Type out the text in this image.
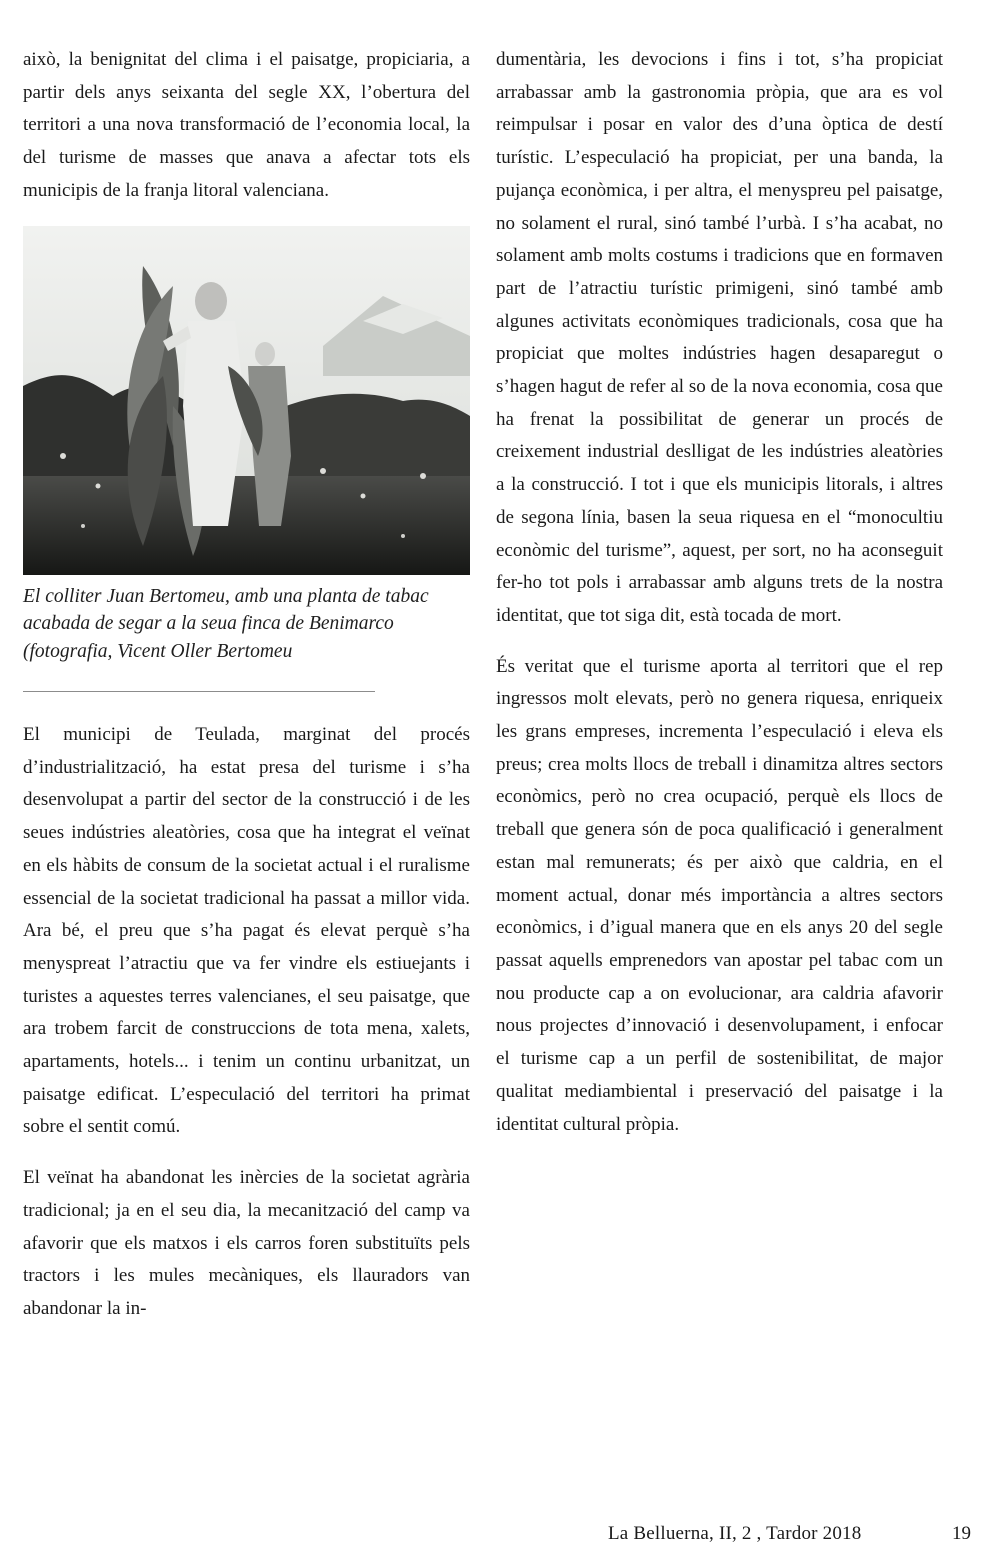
això, la benignitat del clima i el paisatge, propiciaria, a partir dels anys seixanta del segle XX, l’obertura del territori a una nova transformació de l’economia local, la del turisme de masses que anava a afectar tots els municipis de la franja litoral valenciana.

El colliter Juan Bertomeu, amb una planta de tabac acabada de segar a la seua finca de Benimarco (fotografia, Vicent Oller Bertomeu

El municipi de Teulada, marginat del procés d’industrialització, ha estat presa del turisme i s’ha desenvolupat a partir del sector de la construcció i de les seues indústries aleatòries, cosa que ha integrat el veïnat en els hàbits de consum de la societat actual i el ruralisme essencial de la societat tradicional ha passat a millor vida. Ara bé, el preu que s’ha pagat és elevat perquè s’ha menyspreat l’atractiu que va fer vindre els estiuejants i turistes a aquestes terres valencianes, el seu paisatge, que ara trobem farcit de construccions de tota mena, xalets, apartaments, hotels... i tenim un continu urbanitzat, un paisatge edificat. L’especulació del territori ha primat sobre el sentit comú.

El veïnat ha abandonat les inèrcies de la societat agrària tradicional; ja en el seu dia, la mecanització del camp va afavorir que els matxos i els carros foren substituïts pels tractors i les mules mecàniques, els llauradors van abandonar la in-

dumentària, les devocions i fins i tot, s’ha propiciat arrabassar amb la gastronomia pròpia, que ara es vol reimpulsar i posar en valor des d’una òptica de destí turístic. L’especulació ha propiciat, per una banda, la pujança econòmica, i per altra, el menyspreu pel paisatge, no solament el rural, sinó també l’urbà. I s’ha acabat, no solament amb molts costums i tradicions que en formaven part de l’atractiu turístic primigeni, sinó també amb algunes activitats econòmiques tradicionals, cosa que ha propiciat que moltes indústries hagen desaparegut o s’hagen hagut de refer al so de la nova economia, cosa que ha frenat la possibilitat de generar un procés de creixement industrial deslligat de les indústries aleatòries a la construcció. I tot i que els municipis litorals, i altres de segona línia, basen la seua riquesa en el “monocultiu econòmic del turisme”, aquest, per sort, no ha aconseguit fer-ho tot pols i arrabassar amb alguns trets de la nostra identitat, que tot siga dit, està tocada de mort.

És veritat que el turisme aporta al territori que el rep ingressos molt elevats, però no genera riquesa, enriqueix les grans empreses, incrementa l’especulació i eleva els preus; crea molts llocs de treball i dinamitza altres sectors econòmics, però no crea ocupació, perquè els llocs de treball que genera són de poca qualificació i generalment estan mal remunerats; és per això que caldria, en el moment actual, donar més importància a altres sectors econòmics, i d’igual manera que en els anys 20 del segle passat aquells emprenedors van apostar pel tabac com un nou producte cap a on evolucionar, ara caldria afavorir nous projectes d’innovació i desenvolupament, i enfocar el turisme cap a un perfil de sostenibilitat, de major qualitat mediambiental i preservació del paisatge i la identitat cultural pròpia.

La Belluerna, II, 2 , Tardor 2018	19
